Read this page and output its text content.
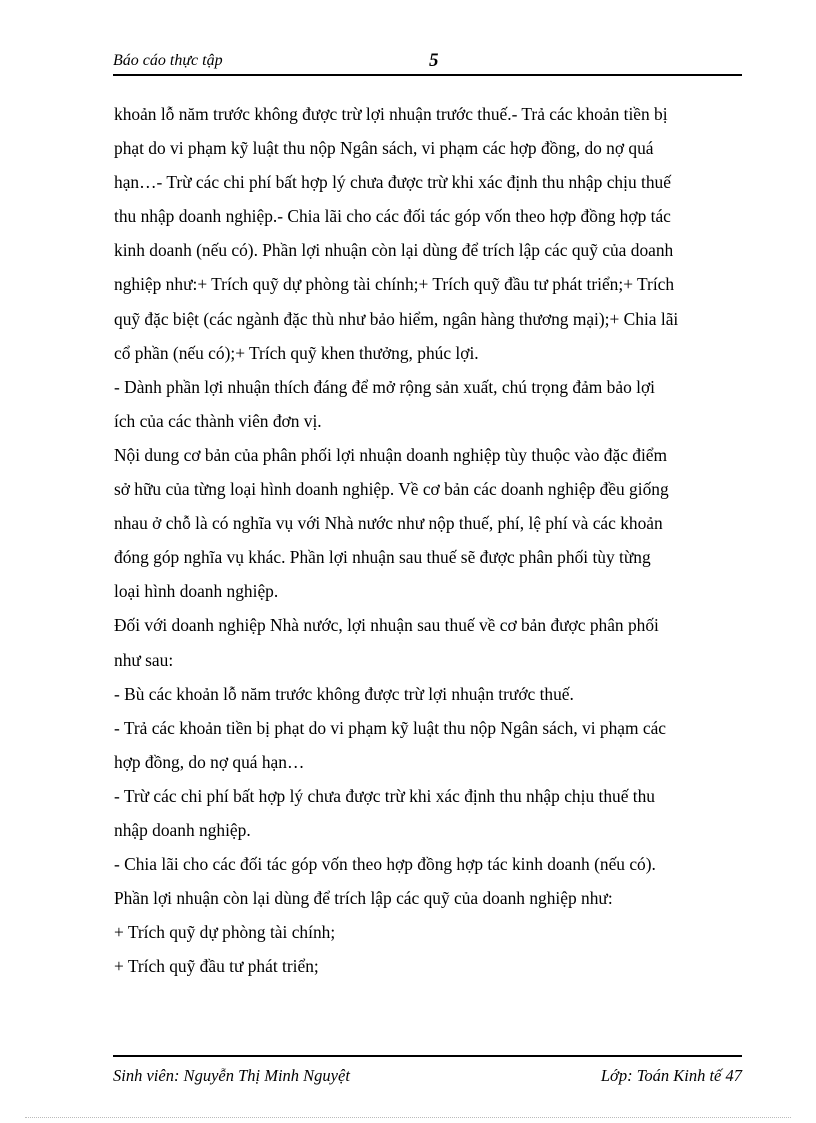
Báo cáo thực tập	5
khoản lỗ năm trước không được trừ lợi nhuận trước thuế.- Trả các khoản tiền bị
phạt do vi phạm kỹ luật thu nộp Ngân sách, vi phạm các hợp đồng, do nợ quá
hạn…- Trừ các chi phí bất hợp lý chưa được trừ khi xác định thu nhập chịu thuế
thu nhập doanh nghiệp.- Chia lãi cho các đối tác góp vốn theo hợp đồng hợp tác
kinh doanh (nếu có). Phần lợi nhuận còn lại dùng để trích lập các quỹ của doanh
nghiệp như:+ Trích quỹ dự phòng tài chính;+ Trích quỹ đầu tư phát triển;+ Trích
quỹ đặc biệt (các ngành đặc thù như bảo hiểm, ngân hàng thương mại);+ Chia lãi
cổ phần (nếu có);+ Trích quỹ khen thưởng, phúc lợi.
- Dành phần lợi nhuận thích đáng để mở rộng sản xuất, chú trọng đảm bảo lợi
ích của các thành viên đơn vị.
Nội dung cơ bản của phân phối lợi nhuận doanh nghiệp tùy thuộc vào đặc điểm
sở hữu của từng loại hình doanh nghiệp. Về cơ bản các doanh nghiệp đều giống
nhau ở chỗ là có nghĩa vụ với Nhà nước như nộp thuế, phí, lệ phí và các khoản
đóng góp nghĩa vụ khác. Phần lợi nhuận sau thuế sẽ được phân phối tùy từng
loại hình doanh nghiệp.
Đối với doanh nghiệp Nhà nước, lợi nhuận sau thuế về cơ bản được phân phối
như sau:
- Bù các khoản lỗ năm trước không được trừ lợi nhuận trước thuế.
- Trả các khoản tiền bị phạt do vi phạm kỹ luật thu nộp Ngân sách, vi phạm các
hợp đồng, do nợ quá hạn…
- Trừ các chi phí bất hợp lý chưa được trừ khi xác định thu nhập chịu thuế thu
nhập doanh nghiệp.
- Chia lãi cho các đối tác góp vốn theo hợp đồng hợp tác kinh doanh (nếu có).
Phần lợi nhuận còn lại dùng để trích lập các quỹ của doanh nghiệp như:
+ Trích quỹ dự phòng tài chính;
+ Trích quỹ đầu tư phát triển;
Sinh viên: Nguyễn Thị Minh Nguyệt	Lớp: Toán Kinh tế 47
